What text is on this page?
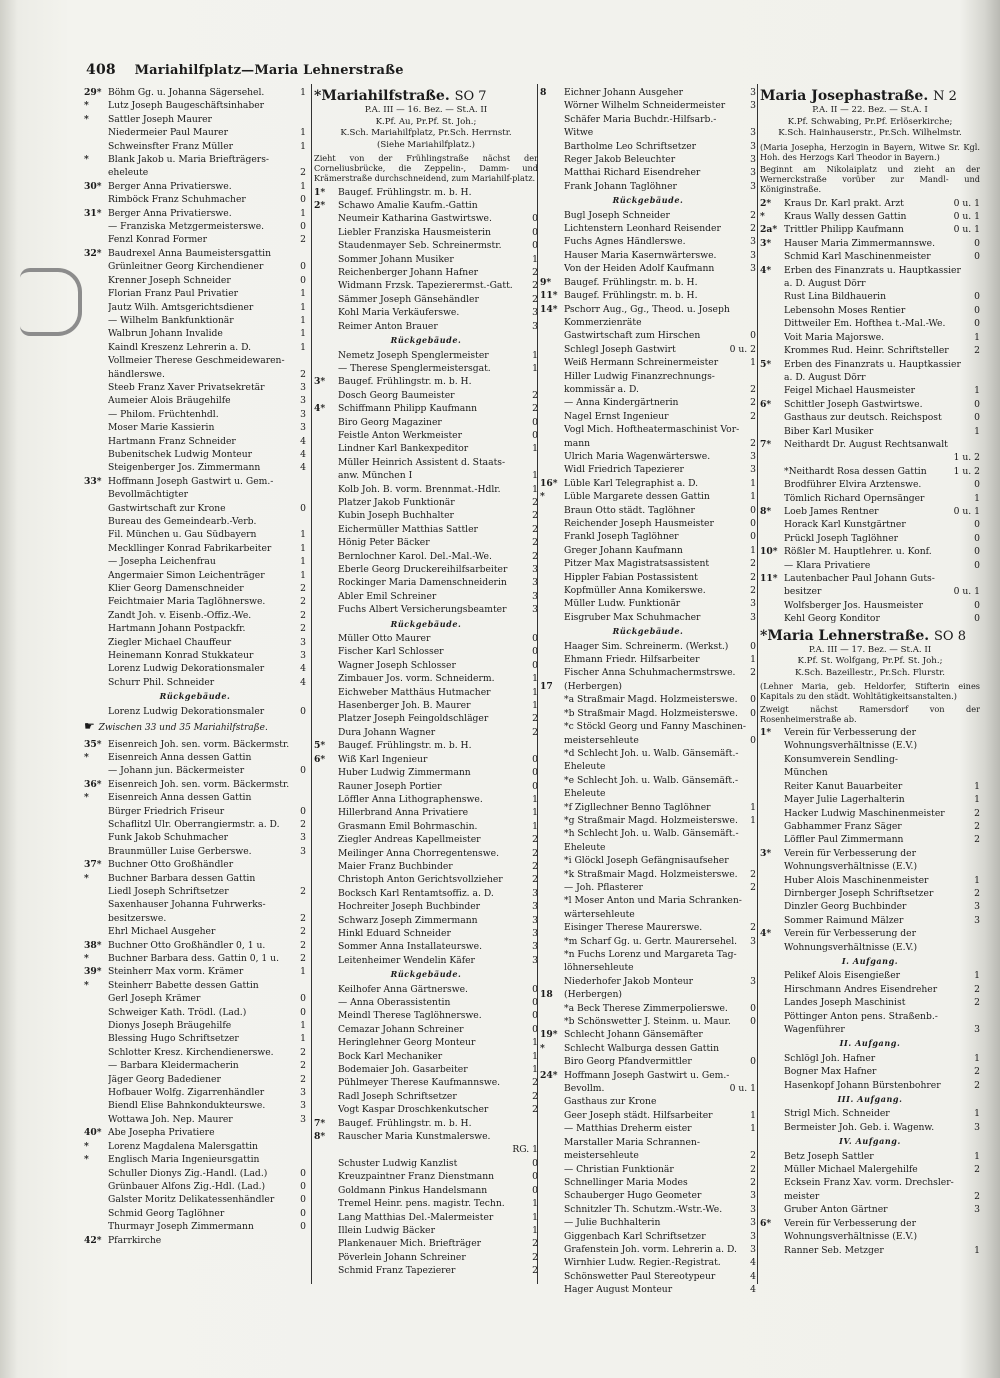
408 Mariahilfplatz—Maria Lehnerstraße
29* Böhm Gg. u. Johanna Sägersehel.	1
*	Lutz Joseph Baugeschäftsinhaber
*	Sattler Joseph Maurer
Niedermeier Paul Maurer	1
Schweinsfter Franz Müller	1
*	Blank Jakob u. Maria Briefträgers-
eheleute	2
30* Berger Anna Privatierswe.	1
Rimböck Franz Schuhmacher	0
31* Berger Anna Privatierswe.	1
— Franziska Metzgermeisterswe.	0
Fenzl Konrad Former	2
32* Baudrexel Anna Baumeistersgattin
Grünleitner Georg Kirchendiener	0
Krenner Joseph Schneider	0
Florian Franz Paul Privatier	1
Jautz Wilh. Amtsgerichtsdiener	1
— Wilhelm Bankfunktionär	1
Walbrun Johann Invalide	1
Kaindl Kreszenz Lehrerin a. D.	1
Vollmeier Therese Geschmeidewaren-
händlerswe.	2
Steeb Franz Xaver Privatsekretär	3
Aumeier Alois Bräugehilfe	3
— Philom. Früchtenhdl.	3
Moser Marie Kassierin	3
Hartmann Franz Schneider	4
Bubenitschek Ludwig Monteur	4
Steigenberger Jos. Zimmermann	4
33* Hoffmann Joseph Gastwirt u. Gem.-
Bevollmächtigter
Gastwirtschaft zur Krone	0
Bureau des Gemeindearb.-Verb.
Fil. München u. Gau Südbayern	1
Meckllinger Konrad Fabrikarbeiter	1
— Josepha Leichenfrau	1
Angermaier Simon Leichenträger	1
Klier Georg Damenschneider	2
Feichtmaier Maria Taglöhnerswe.	2
Zandt Joh. v. Eisenb.-Offiz.-We.	2
Hartmann Johann Postpackfr.	2
Ziegler Michael Chauffeur	3
Heinemann Konrad Stukkateur	3
Lorenz Ludwig Dekorationsmaler	4
Schurr Phil. Schneider	4
Rückgebäude.
Lorenz Ludwig Dekorationsmaler	0
☛ Zwischen 33 und 35 Mariahilfstraße.
35* Eisenreich Joh. sen. vorm. Bäckermstr.
*	Eisenreich Anna dessen Gattin
— Johann jun. Bäckermeister	0
36* Eisenreich Joh. sen. vorm. Bäckermstr.
*	Eisenreich Anna dessen Gattin
Bürger Friedrich Friseur	0
Schaflitzl Ulr. Oberrangiermstr. a. D.	2
Funk Jakob Schuhmacher	3
Braunmüller Luise Gerberswe.	3
37* Buchner Otto Großhändler
*	Buchner Barbara dessen Gattin
Liedl Joseph Schriftsetzer	2
Saxenhauser Johanna Fuhrwerks-
besitzerswe.	2
Ehrl Michael Ausgeher	2
38* Buchner Otto Großhändler 0, 1 u.	2
*	Buchner Barbara dess. Gattin 0, 1 u.	2
39* Steinherr Max vorm. Krämer	1
*	Steinherr Babette dessen Gattin
Gerl Joseph Krämer	0
Schweiger Kath. Trödl. (Lad.)	0
Dionys Joseph Bräugehilfe	1
Blessing Hugo Schriftsetzer	1
Schlotter Kresz. Kirchendienerswe.	2
— Barbara Kleidermacherin	2
Jäger Georg Badediener	2
Hofbauer Wolfg. Zigarrenhändler	3
Biendl Elise Bahnkondukteurswe.	3
Wottawa Joh. Nep. Maurer	3
40* Abe Josepha Privatiere
*	Lorenz Magdalena Malersgattin
*	Englisch Maria Ingenieursgattin
Schuller Dionys Zig.-Handl. (Lad.)	0
Grünbauer Alfons Zig.-Hdl. (Lad.)	0
Galster Moritz Delikatessenhändler	0
Schmid Georg Taglöhner	0
Thurmayr Joseph Zimmermann	0
42* Pfarrkirche
*Mariahilfstraße. SO 7
P.A. III — 16. Bez. — St.A. II
K.Pf. Au, Pr.Pf. St. Joh.;
K.Sch. Mariahilfplatz, Pr.Sch. Herrnstr.
(Siehe Mariahilfplatz.)
Zieht von der Frühlingstraße nächst der Corneliusbrücke, die Zeppelin-, Damm- und Krämerstraße durchschneidend, zum Mariahilf-platz.
1*	Baugef. Frühlingstr. m. b. H.
2*	Schawo Amalie Kaufm.-Gattin
Neumeir Katharina Gastwirtswe.	0
Liebler Franziska Hausmeisterin	0
Staudenmayer Seb. Schreinermstr.	0
Sommer Johann Musiker	1
Reichenberger Johann Hafner	2
Widmann Frzsk. Tapezierermst.-Gatt.	2
Sämmer Joseph Gänsehändler	2
Kohl Maria Verkäuferswe.	3
Reimer Anton Brauer	3
Rückgebäude.
Nemetz Joseph Spenglermeister	1
— Therese Spenglermeistersgat.	1
3*	Baugef. Frühlingstr. m. b. H.
Dosch Georg Baumeister	2
4*	Schiffmann Philipp Kaufmann	2
Biro Georg Magaziner	0
Feistle Anton Werkmeister	0
Lindner Karl Bankexpeditor	1
Müller Heinrich Assistent d. Staats-
anw. München I	1
Kolb Joh. B. vorm. Brennmat.-Hdlr.	1
Platzer Jakob Funktionär	2
Kubin Joseph Buchhalter	2
Eichermüller Matthias Sattler	2
Hönig Peter Bäcker	2
Bernlochner Karol. Del.-Mal.-We.	2
Eberle Georg Druckereihilfsarbeiter	3
Rockinger Maria Damenschneiderin	3
Abler Emil Schreiner	3
Fuchs Albert Versicherungsbeamter	3
Rückgebäude.
Müller Otto Maurer	0
Fischer Karl Schlosser	0
Wagner Joseph Schlosser	0
Zimbauer Jos. vorm. Schneiderm.	1
Eichweber Matthäus Hutmacher	1
Hasenberger Joh. B. Maurer	1
Platzer Joseph Feingoldschläger	2
Dura Johann Wagner	2
5*	Baugef. Frühlingstr. m. b. H.
6*	Wiß Karl Ingenieur	0
Huber Ludwig Zimmermann	0
Rauner Joseph Portier	0
Löffler Anna Lithographenswe.	1
Hillerbrand Anna Privatiere	1
Grasmann Emil Bohrmaschin.	1
Ziegler Andreas Kapellmeister	2
Meilinger Anna Chorregentenswe.	2
Maier Franz Buchbinder	2
Christoph Anton Gerichtsvollzieher	2
Bocksch Karl Rentamtsoffiz. a. D.	3
Hochreiter Joseph Buchbinder	3
Schwarz Joseph Zimmermann	3
Hinkl Eduard Schneider	3
Sommer Anna Installateurswe.	3
Leitenheimer Wendelin Käfer	3
Rückgebäude.
Keilhofer Anna Gärtnerswe.	0
— Anna Oberassistentin	0
Meindl Therese Taglöhnerswe.	0
Cemazar Johann Schreiner	0
Heringlehner Georg Monteur	1
Bock Karl Mechaniker	1
Bodemaier Joh. Gasarbeiter	1
Pühlmeyer Therese Kaufmannswe.	2
Radl Joseph Schriftsetzer	2
Vogt Kaspar Droschkenkutscher	2
7*	Baugef. Frühlingstr. m. b. H.
8*	Rauscher Maria Kunstmalerswe.
RG. 1
Schuster Ludwig Kanzlist	0
Kreuzpaintner Franz Dienstmann	0
Goldmann Pinkus Handelsmann	0
Tremel Heinr. pens. magistr. Techn.	1
Lang Matthias Del.-Malermeister	1
Illein Ludwig Bäcker	1
Plankenauer Mich. Briefträger	2
Pöverlein Johann Schreiner	2
Schmid Franz Tapezierer	2
8	Eichner Johann Ausgeher	3
Wörner Wilhelm Schneidermeister	3
Schäfer Maria Buchdr.-Hilfsarb.-
Witwe	3
Bartholme Leo Schriftsetzer	3
Reger Jakob Beleuchter	3
Matthai Richard Eisendreher	3
Frank Johann Taglöhner	3
Rückgebäude.
Bugl Joseph Schneider	2
Lichtenstern Leonhard Reisender	2
Fuchs Agnes Händlerswe.	3
Hauser Maria Kasernwärterswe.	3
Von der Heiden Adolf Kaufmann	3
9*	Baugef. Frühlingstr. m. b. H.
11* Baugef. Frühlingstr. m. b. H.
14* Pschorr Aug., Gg., Theod. u. Joseph
Kommerzienräte
Gastwirtschaft zum Hirschen	0
Schlegl Joseph Gastwirt	0 u. 2
Weiß Hermann Schreinermeister	1
Hiller Ludwig Finanzrechnungs-
kommissär a. D.	2
— Anna Kindergärtnerin	2
Nagel Ernst Ingenieur	2
Vogl Mich. Hoftheatermaschinist Vor-
mann	2
Ulrich Maria Wagenwärterswe.	3
Widl Friedrich Tapezierer	3
16* Lüble Karl Telegraphist a. D.	1
*	Lüble Margarete dessen Gattin	1
Braun Otto städt. Taglöhner	0
Reichender Joseph Hausmeister	0
Frankl Joseph Taglöhner	0
Greger Johann Kaufmann	1
Pitzer Max Magistratsassistent	2
Hippler Fabian Postassistent	2
Kopfmüller Anna Komikerswe.	2
Müller Ludw. Funktionär	3
Eisgruber Max Schuhmacher	3
Rückgebäude.
Haager Sim. Schreinerm. (Werkst.)	0
Ehmann Friedr. Hilfsarbeiter	1
Fischer Anna Schuhmachermstrswe.	2
17	(Herbergen)
*a Straßmair Magd. Holzmeisterswe.	0
*b Straßmair Magd. Holzmeisterswe.	0
*c Stöckl Georg und Fanny Maschinen-
meistersehleute	0
*d Schlecht Joh. u. Walb. Gänsemäft.-
Eheleute
*e Schlecht Joh. u. Walb. Gänsemäft.-
Eheleute
*f Zigllechner Benno Taglöhner	1
*g Straßmair Magd. Holzmeisterswe.	1
*h Schlecht Joh. u. Walb. Gänsemäft.-
Eheleute
*i Glöckl Joseph Gefängnisaufseher
*k Straßmair Magd. Holzmeisterswe.	2
— Joh. Pflasterer	2
*l Moser Anton und Maria Schranken-
wärtersehleute
Eisinger Therese Maurerswe.	2
*m Scharf Gg. u. Gertr. Maurersehel.	3
*n Fuchs Lorenz und Margareta Tag-
löhnersehleute
Niederhofer Jakob Monteur	3
18	(Herbergen)
*a Beck Therese Zimmerpolierswe.	0
*b Schönswetter J. Steinm. u. Maur.	0
19* Schlecht Johann Gänsemäfter
*	Schlecht Walburga dessen Gattin
Biro Georg Pfandvermittler	0
24* Hoffmann Joseph Gastwirt u. Gem.-
Bevollm.	0 u. 1
Gasthaus zur Krone
Geer Joseph städt. Hilfsarbeiter	1
— Matthias Dreherm eister	1
Marstaller Maria Schrannen-
meistersehleute	2
— Christian Funktionär	2
Schnellinger Maria Modes	2
Schauberger Hugo Geometer	3
Schnitzler Th. Schutzm.-Wstr.-We.	3
— Julie Buchhalterin	3
Giggenbach Karl Schriftsetzer	3
Grafenstein Joh. vorm. Lehrerin a. D.	3
Wirnhier Ludw. Regier.-Registrat.	4
Schönswetter Paul Stereotypeur	4
Hager August Monteur	4
Maria Josephastraße. N 2
P.A. II — 22. Bez. — St.A. I
K.Pf. Schwabing, Pr.Pf. Erlöserkirche;
K.Sch. Hainhauserstr., Pr.Sch. Wilhelmstr.
(Maria Josepha, Herzogin in Bayern, Witwe Sr. Kgl. Hoh. des Herzogs Karl Theodor in Bayern.)
Beginnt am Nikolaiplatz und zieht an der Wernerckstraße vorüber zur Mandl- und Königinstraße.
2*	Kraus Dr. Karl prakt. Arzt	0 u. 1
*	Kraus Wally dessen Gattin	0 u. 1
2a* Trittler Philipp Kaufmann	0 u. 1
3*	Hauser Maria Zimmermannswe.	0
Schmid Karl Maschinenmeister	0
4*	Erben des Finanzrats u. Hauptkassier
a. D. August Dörr
Rust Lina Bildhauerin	0
Lebensohn Moses Rentier	0
Dittweiler Em. Hofthea t.-Mal.-We.	0
Voit Maria Majorswe.	1
Krommes Rud. Heinr. Schriftsteller	2
5*	Erben des Finanzrats u. Hauptkassier
a. D. August Dörr
Feigel Michael Hausmeister	1
6*	Schittler Joseph Gastwirtswe.	0
Gasthaus zur deutsch. Reichspost	0
Biber Karl Musiker	1
7*	Neithardt Dr. August Rechtsanwalt
1 u. 2
*Neithardt Rosa dessen Gattin	1 u. 2
Brodführer Elvira Arztenswe.	0
Tömlich Richard Opernsänger	1
8*	Loeb James Rentner	0 u. 1
Horack Karl Kunstgärtner	0
Prückl Joseph Taglöhner	0
10* Rößler M. Hauptlehrer. u. Konf.	0
— Klara Privatiere	0
11* Lautenbacher Paul Johann Guts-
besitzer	0 u. 1
Wolfsberger Jos. Hausmeister	0
Kehl Georg Konditor	0
*Maria Lehnerstraße. SO 8
P.A. III — 17. Bez. — St.A. II
K.Pf. St. Wolfgang, Pr.Pf. St. Joh.;
K.Sch. Bazeillestr., Pr.Sch. Flurstr.
(Lehner Maria, geb. Heldorfer, Stifterin eines Kapitals zu den städt. Wohltätigkeitsanstalten.)
Zweigt nächst Ramersdorf von der Rosenheimerstraße ab.
1*	Verein für Verbesserung der
Wohnungsverhältnisse (E.V.)
Konsumverein Sendling-
München
Reiter Kanut Bauarbeiter	1
Mayer Julie Lagerhalterin	1
Hacker Ludwig Maschinenmeister	2
Gabhammer Franz Säger	2
Löffler Paul Zimmermann	2
3*	Verein für Verbesserung der
Wohnungsverhältnisse (E.V.)
Huber Alois Maschinenmeister	1
Dirnberger Joseph Schriftsetzer	2
Dinzler Georg Buchbinder	3
Sommer Raimund Mälzer	3
4*	Verein für Verbesserung der
Wohnungsverhältnisse (E.V.)
I. Aufgang.
Pelikef Alois Eisengießer	1
Hirschmann Andres Eisendreher	2
Landes Joseph Maschinist	2
Pöttinger Anton pens. Straßenb.-
Wagenführer	3
II. Aufgang.
Schlögl Joh. Hafner	1
Bogner Max Hafner	2
Hasenkopf Johann Bürstenbohrer	2
III. Aufgang.
Strigl Mich. Schneider	1
Bermeister Joh. Geb. i. Wagenw.	3
IV. Aufgang.
Betz Joseph Sattler	1
Müller Michael Malergehilfe	2
Ecksein Franz Xav. vorm. Drechsler-
meister	2
Gruber Anton Gärtner	3
6*	Verein für Verbesserung der
Wohnungsverhältnisse (E.V.)
Ranner Seb. Metzger	1
